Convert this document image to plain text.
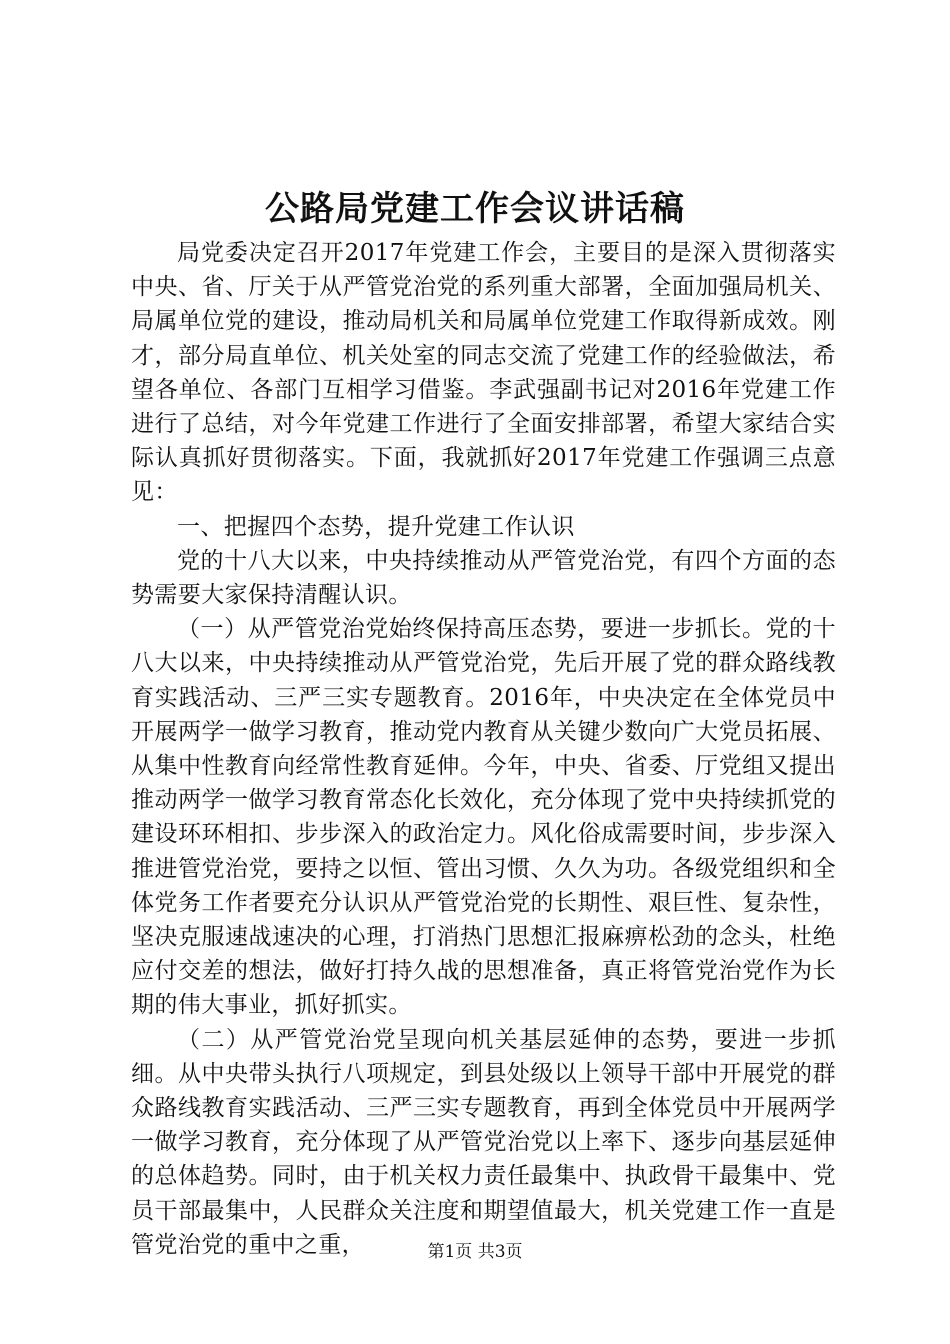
公路局党建工作会议讲话稿

局党委决定召开2017年党建工作会，主要目的是深入贯彻落实中央、省、厅关于从严管党治党的系列重大部署，全面加强局机关、局属单位党的建设，推动局机关和局属单位党建工作取得新成效。刚才，部分局直单位、机关处室的同志交流了党建工作的经验做法，希望各单位、各部门互相学习借鉴。李武强副书记对2016年党建工作进行了总结，对今年党建工作进行了全面安排部署，希望大家结合实际认真抓好贯彻落实。下面，我就抓好2017年党建工作强调三点意见：

一、把握四个态势，提升党建工作认识

党的十八大以来，中央持续推动从严管党治党，有四个方面的态势需要大家保持清醒认识。

（一）从严管党治党始终保持高压态势，要进一步抓长。党的十八大以来，中央持续推动从严管党治党，先后开展了党的群众路线教育实践活动、三严三实专题教育。2016年，中央决定在全体党员中开展两学一做学习教育，推动党内教育从关键少数向广大党员拓展、从集中性教育向经常性教育延伸。今年，中央、省委、厅党组又提出推动两学一做学习教育常态化长效化，充分体现了党中央持续抓党的建设环环相扣、步步深入的政治定力。风化俗成需要时间，步步深入推进管党治党，要持之以恒、管出习惯、久久为功。各级党组织和全体党务工作者要充分认识从严管党治党的长期性、艰巨性、复杂性，坚决克服速战速决的心理，打消热门思想汇报麻痹松劲的念头，杜绝应付交差的想法，做好打持久战的思想准备，真正将管党治党作为长期的伟大事业，抓好抓实。

（二）从严管党治党呈现向机关基层延伸的态势，要进一步抓细。从中央带头执行八项规定，到县处级以上领导干部中开展党的群众路线教育实践活动、三严三实专题教育，再到全体党员中开展两学一做学习教育，充分体现了从严管党治党以上率下、逐步向基层延伸的总体趋势。同时，由于机关权力责任最集中、执政骨干最集中、党员干部最集中，人民群众关注度和期望值最大，机关党建工作一直是管党治党的重中之重，	第1页 共3页
